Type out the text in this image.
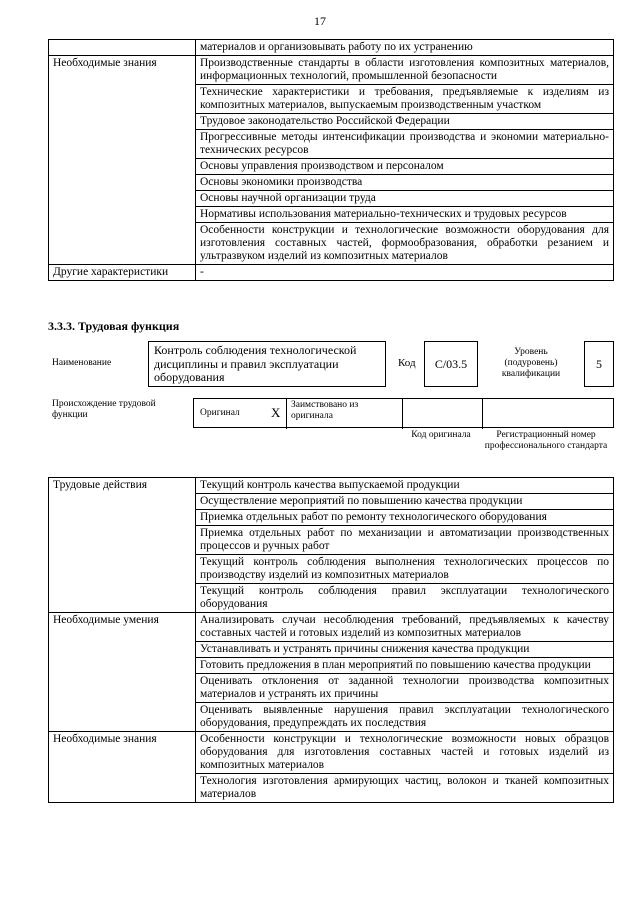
17
	материалов и организовывать работу по их устранению
Необходимые знания	Производственные стандарты в области изготовления композитных материалов, информационных технологий, промышленной безопасности
	Технические характеристики и требования, предъявляемые к изделиям из композитных материалов, выпускаемым производственным участком
	Трудовое законодательство Российской Федерации
	Прогрессивные методы интенсификации производства и экономии материально-технических ресурсов
	Основы управления производством и персоналом
	Основы экономики производства
	Основы научной организации труда
	Нормативы использования материально-технических и трудовых ресурсов
	Особенности конструкции и технологические возможности оборудования для изготовления составных частей, формообразования, обработки резанием и ультразвуком изделий из композитных материалов
Другие характеристики	-
3.3.3. Трудовая функция
Наименование
Контроль соблюдения технологической дисциплины и правил эксплуатации оборудования
Код C/03.5
Уровень (подуровень) квалификации
5
Происхождение трудовой функции	Оригинал X	Заимствовано из оригинала
Код оригинала	Регистрационный номер профессионального стандарта
Трудовые действия	Текущий контроль качества выпускаемой продукции
	Осуществление мероприятий по повышению качества продукции
	Приемка отдельных работ по ремонту технологического оборудования
	Приемка отдельных работ по механизации и автоматизации производственных процессов и ручных работ
	Текущий контроль соблюдения выполнения технологических процессов по производству изделий из композитных материалов
	Текущий контроль соблюдения правил эксплуатации технологического оборудования
Необходимые умения	Анализировать случаи несоблюдения требований, предъявляемых к качеству составных частей и готовых изделий из композитных материалов
	Устанавливать и устранять причины снижения качества продукции
	Готовить предложения в план мероприятий по повышению качества продукции
	Оценивать отклонения от заданной технологии производства композитных материалов и устранять их причины
	Оценивать выявленные нарушения правил эксплуатации технологического оборудования, предупреждать их последствия
Необходимые знания	Особенности конструкции и технологические возможности новых образцов оборудования для изготовления составных частей и готовых изделий из композитных материалов
	Технология изготовления армирующих частиц, волокон и тканей композитных материалов
